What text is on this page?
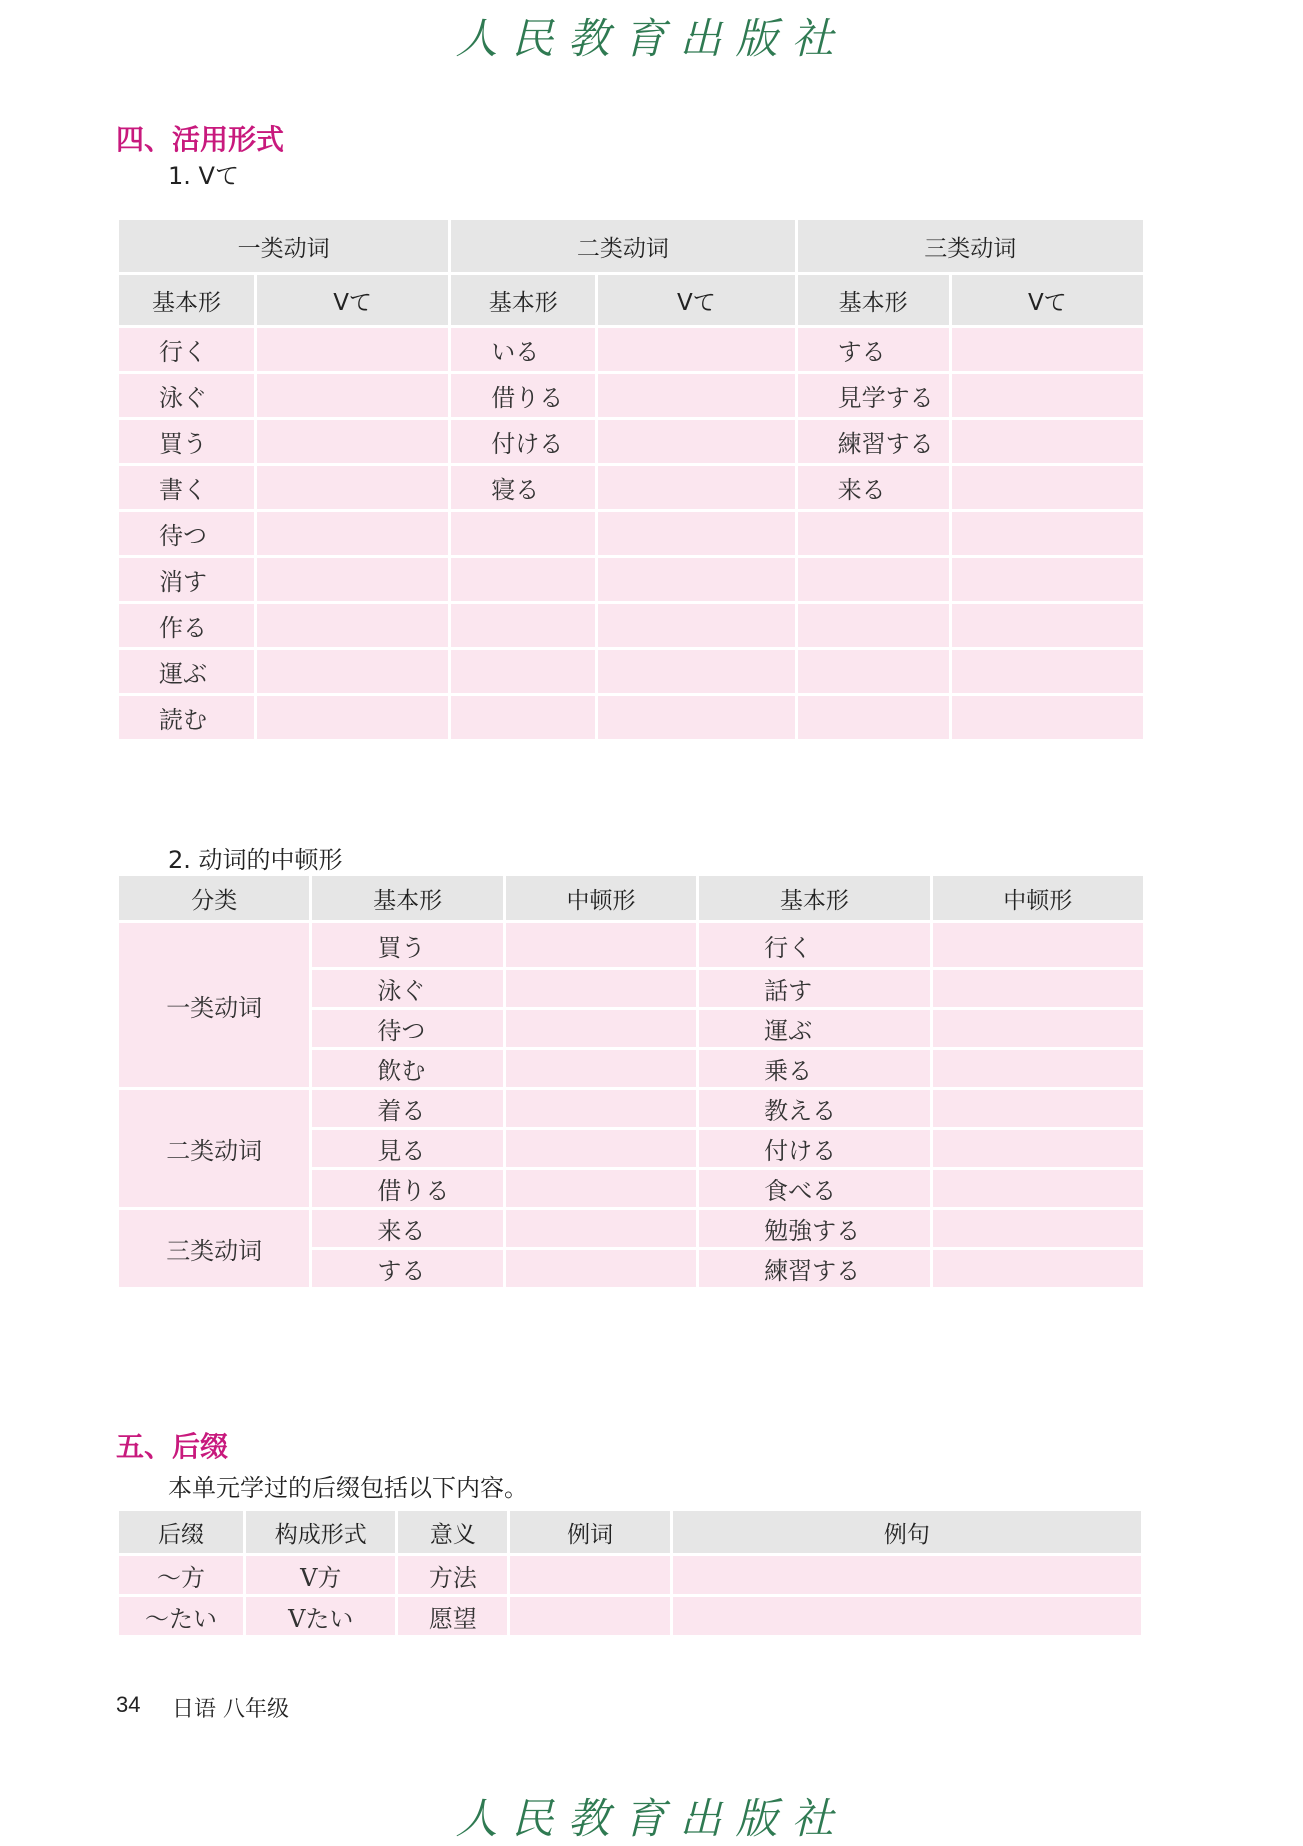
人民教育出版社
四、活用形式
1. Ⅴて
一类动词		二类动词		三类动词	
基本形	Ⅴて	基本形	Ⅴて	基本形	Ⅴて
行く		いる		する	
泳ぐ		借りる		見学する	
買う		付ける		練習する	
書く		寝る		来る	
待つ					
消す					
作る					
運ぶ					
読む					
2. 动词的中顿形
分类	基本形	中顿形	基本形	中顿形
一类动词	買う		行く	
	泳ぐ		話す	
	待つ		運ぶ	
	飲む		乗る	
二类动词	着る		教える	
	見る		付ける	
	借りる		食べる	
三类动词	来る		勉強する	
	する		練習する	
五、后缀
本单元学过的后缀包括以下内容。
后缀	构成形式	意义	例词	例句
～方	Ⅴ方	方法		
～たい	Ⅴたい	愿望		
34 日语 八年级
人民教育出版社
